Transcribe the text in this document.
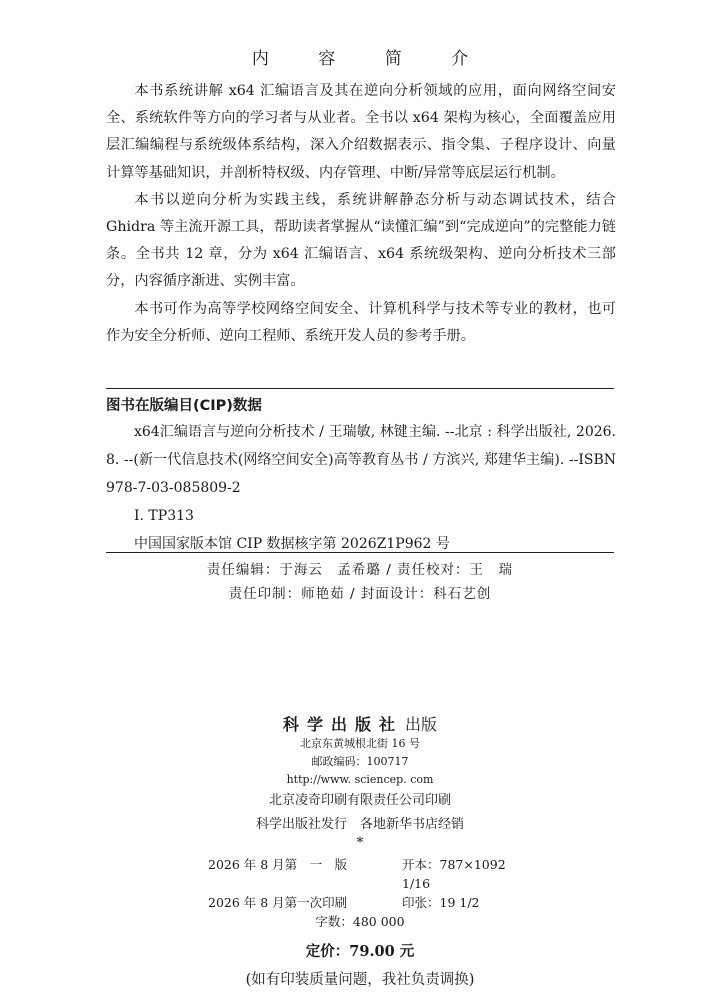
内 容 简 介

本书系统讲解 x64 汇编语言及其在逆向分析领域的应用，面向网络空间安全、系统软件等方向的学习者与从业者。全书以 x64 架构为核心，全面覆盖应用层汇编编程与系统级体系结构，深入介绍数据表示、指令集、子程序设计、向量计算等基础知识，并剖析特权级、内存管理、中断/异常等底层运行机制。

本书以逆向分析为实践主线，系统讲解静态分析与动态调试技术，结合 Ghidra 等主流开源工具，帮助读者掌握从“读懂汇编”到“完成逆向”的完整能力链条。全书共 12 章，分为 x64 汇编语言、x64 系统级架构、逆向分析技术三部分，内容循序渐进、实例丰富。

本书可作为高等学校网络空间安全、计算机科学与技术等专业的教材，也可作为安全分析师、逆向工程师、系统开发人员的参考手册。

图书在版编目(CIP)数据

x64汇编语言与逆向分析技术 / 王瑞敏, 林键主编. --北京 : 科学出版社, 2026. 8. --(新一代信息技术(网络空间安全)高等教育丛书 / 方滨兴, 郑建华主编). --ISBN 978-7-03-085809-2

Ⅰ. TP313

中国国家版本馆 CIP 数据核字第 2026Z1P962 号

责任编辑：于海云　孟希璐 / 责任校对：王　瑞
责任印制：师艳茹 / 封面设计：科石艺创
科学出版社 出版
北京东黄城根北街 16 号
邮政编码：100717
http://www. sciencep. com
北京凌奇印刷有限责任公司印刷
科学出版社发行　各地新华书店经销
*
2026 年 8 月第　一　版	开本：787×1092　1/16
2026 年 8 月第一次印刷	印张：19 1/2
字数：480 000
定价：79.00 元
(如有印装质量问题，我社负责调换)
